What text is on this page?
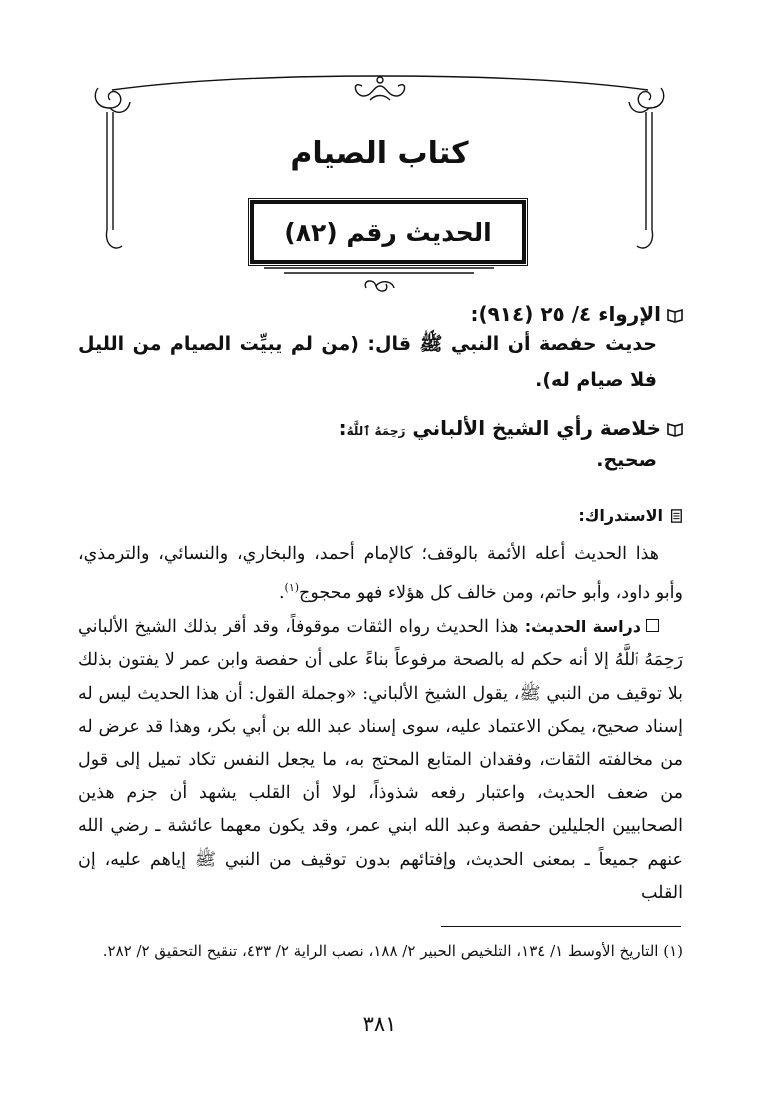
كتاب الصيام
الحديث رقم (٨٢)
الإرواء ٤/ ٢٥ (٩١٤):
حديث حفصة أن النبي ﷺ قال: (من لم يبيِّت الصيام من الليل فلا صيام له).
خلاصة رأي الشيخ الألباني رَحِمَهُ ٱللَّهُ:
صحيح.
الاستدراك:
هذا الحديث أعله الأئمة بالوقف؛ كالإمام أحمد، والبخاري، والنسائي، والترمذي، وأبو داود، وأبو حاتم، ومن خالف كل هؤلاء فهو محجوج$^{(١)}$.
دراسة الحديث: هذا الحديث رواه الثقات موقوفاً، وقد أقر بذلك الشيخ الألباني رَحِمَهُ ٱللَّهُ إلا أنه حكم له بالصحة مرفوعاً بناءً على أن حفصة وابن عمر لا يفتون بذلك بلا توقيف من النبي ﷺ، يقول الشيخ الألباني: «وجملة القول: أن هذا الحديث ليس له إسناد صحيح، يمكن الاعتماد عليه، سوى إسناد عبد الله بن أبي بكر، وهذا قد عرض له من مخالفته الثقات، وفقدان المتابع المحتج به، ما يجعل النفس تكاد تميل إلى قول من ضعف الحديث، واعتبار رفعه شذوذاً، لولا أن القلب يشهد أن جزم هذين الصحابيين الجليلين حفصة وعبد الله ابني عمر، وقد يكون معهما عائشة ـ رضي الله عنهم جميعاً ـ بمعنى الحديث، وإفتائهم بدون توقيف من النبي ﷺ إياهم عليه، إن القلب
(١) التاريخ الأوسط ١/ ١٣٤، التلخيص الحبير ٢/ ١٨٨، نصب الراية ٢/ ٤٣٣، تنقيح التحقيق ٢/ ٢٨٢.
٣٨١
